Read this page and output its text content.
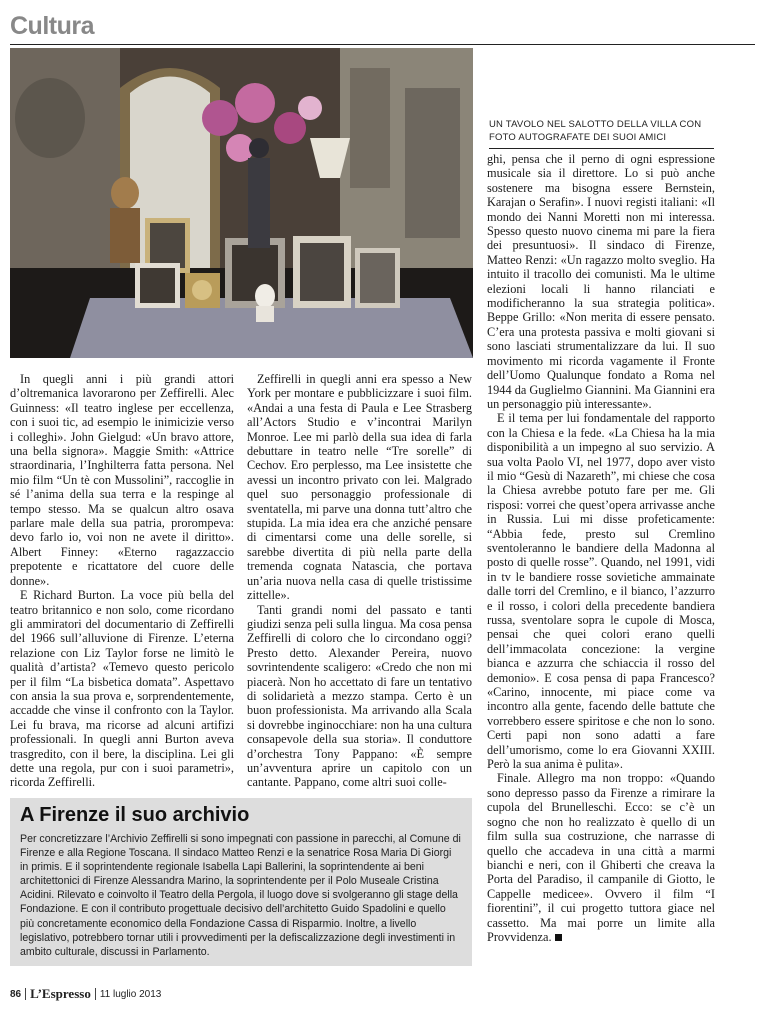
Cultura
UN TAVOLO NEL SALOTTO DELLA VILLA CON FOTO AUTOGRAFATE DEI SUOI AMICI

In quegli anni i più grandi attori d’oltremanica lavorarono per Zeffirelli. Alec Guinness: «Il teatro inglese per eccellenza, con i suoi tic, ad esempio le inimicizie verso i colleghi». John Gielgud: «Un bravo attore, una bella signora». Maggie Smith: «Attrice straordinaria, l’Inghilterra fatta persona. Nel mio film “Un tè con Mussolini”, raccoglie in sé l’anima della sua terra e la respinge al tempo stesso. Ma se qualcun altro osava parlare male della sua patria, prorompeva: devo farlo io, voi non ne avete il diritto». Albert Finney: «Eterno ragazzaccio prepotente e ricattatore del cuore delle donne».

E Richard Burton. La voce più bella del teatro britannico e non solo, come ricordano gli ammiratori del documentario di Zeffirelli del 1966 sull’alluvione di Firenze. L’eterna relazione con Liz Taylor forse ne limitò le qualità d’artista? «Temevo questo pericolo per il film “La bisbetica domata”. Aspettavo con ansia la sua prova e, sorprendentemente, accadde che vinse il confronto con la Taylor. Lei fu brava, ma ricorse ad alcuni artifizi professionali. In quegli anni Burton aveva trasgredito, con il bere, la disciplina. Lei gli dette una regola, pur con i suoi parametri», ricorda Zeffirelli.

Zeffirelli in quegli anni era spesso a New York per montare e pubblicizzare i suoi film. «Andai a una festa di Paula e Lee Strasberg all’Actors Studio e v’incontrai Marilyn Monroe. Lee mi parlò della sua idea di farla debuttare in teatro nelle “Tre sorelle” di Cechov. Ero perplesso, ma Lee insistette che avessi un incontro privato con lei. Malgrado quel suo personaggio professionale di sventatella, mi parve una donna tutt’altro che stupida. La mia idea era che anziché pensare di cimentarsi come una delle sorelle, si sarebbe divertita di più nella parte della tremenda cognata Natascia, che portava un’aria nuova nella casa di quelle tristissime zittelle».

Tanti grandi nomi del passato e tanti giudizi senza peli sulla lingua. Ma cosa pensa Zeffirelli di coloro che lo circondano oggi? Presto detto. Alexander Pereira, nuovo sovrintendente scaligero: «Credo che non mi piacerà. Non ho accettato di fare un tentativo di solidarietà a mezzo stampa. Certo è un buon professionista. Ma arrivando alla Scala si dovrebbe inginocchiare: non ha una cultura consapevole della sua storia». Il conduttore d’orchestra Tony Pappano: «È sempre un’avventura aprire un capitolo con un cantante. Pappano, come altri suoi colle-

ghi, pensa che il perno di ogni espressione musicale sia il direttore. Lo si può anche sostenere ma bisogna essere Bernstein, Karajan o Serafin». I nuovi registi italiani: «Il mondo dei Nanni Moretti non mi interessa. Spesso questo nuovo cinema mi pare la fiera dei presuntuosi». Il sindaco di Firenze, Matteo Renzi: «Un ragazzo molto sveglio. Ha intuito il tracollo dei comunisti. Ma le ultime elezioni locali li hanno rilanciati e modificheranno la sua strategia politica». Beppe Grillo: «Non merita di essere pensato. C’era una protesta passiva e molti giovani si sono lasciati strumentalizzare da lui. Il suo movimento mi ricorda vagamente il Fronte dell’Uomo Qualunque fondato a Roma nel 1944 da Guglielmo Giannini. Ma Giannini era un personaggio più interessante».

E il tema per lui fondamentale del rapporto con la Chiesa e la fede. «La Chiesa ha la mia disponibilità a un impegno al suo servizio. A sua volta Paolo VI, nel 1977, dopo aver visto il mio “Gesù di Nazareth”, mi chiese che cosa la Chiesa avrebbe potuto fare per me. Gli risposi: vorrei che quest’opera arrivasse anche in Russia. Lui mi disse profeticamente: “Abbia fede, presto sul Cremlino sventoleranno le bandiere della Madonna al posto di quelle rosse”. Quando, nel 1991, vidi in tv le bandiere rosse sovietiche ammainate dalle torri del Cremlino, e il bianco, l’azzurro e il rosso, i colori della precedente bandiera russa, sventolare sopra le cupole di Mosca, pensai che quei colori erano quelli dell’immacolata concezione: la vergine bianca e azzurra che schiaccia il rosso del demonio». E cosa pensa di papa Francesco? «Carino, innocente, mi piace come va incontro alla gente, facendo delle battute che vorrebbero essere spiritose e che non lo sono. Certi papi non sono adatti a fare dell’umorismo, come lo era Giovanni XXIII. Però la sua anima è pulita».

Finale. Allegro ma non troppo: «Quando sono depresso passo da Firenze a rimirare la cupola del Brunelleschi. Ecco: se c’è un sogno che non ho realizzato è quello di un film sulla sua costruzione, che narrasse di quello che accadeva in una città a marmi bianchi e neri, con il Ghiberti che creava la Porta del Paradiso, il campanile di Giotto, le Cappelle medicee». Ovvero il film “I fiorentini”, il cui progetto tuttora giace nel cassetto. Ma mai porre un limite alla Provvidenza.

A Firenze il suo archivio
Per concretizzare l’Archivio Zeffirelli si sono impegnati con passione in parecchi, al Comune di Firenze e alla Regione Toscana. Il sindaco Matteo Renzi e la senatrice Rosa Maria Di Giorgi in primis. E il soprintendente regionale Isabella Lapi Ballerini, la soprintendente ai beni architettonici di Firenze Alessandra Marino, la soprintendente per il Polo Museale Cristina Acidini. Rilevato e coinvolto il Teatro della Pergola, il luogo dove si svolgeranno gli stage della Fondazione. E con il contributo progettuale decisivo dell’architetto Guido Spadolini e quello più concretamente economico della Fondazione Cassa di Risparmio. Inoltre, a livello legislativo, potrebbero tornar utili i provvedimenti per la defiscalizzazione degli investimenti in ambito culturale, discussi in Parlamento.
86 L’Espresso 11 luglio 2013
